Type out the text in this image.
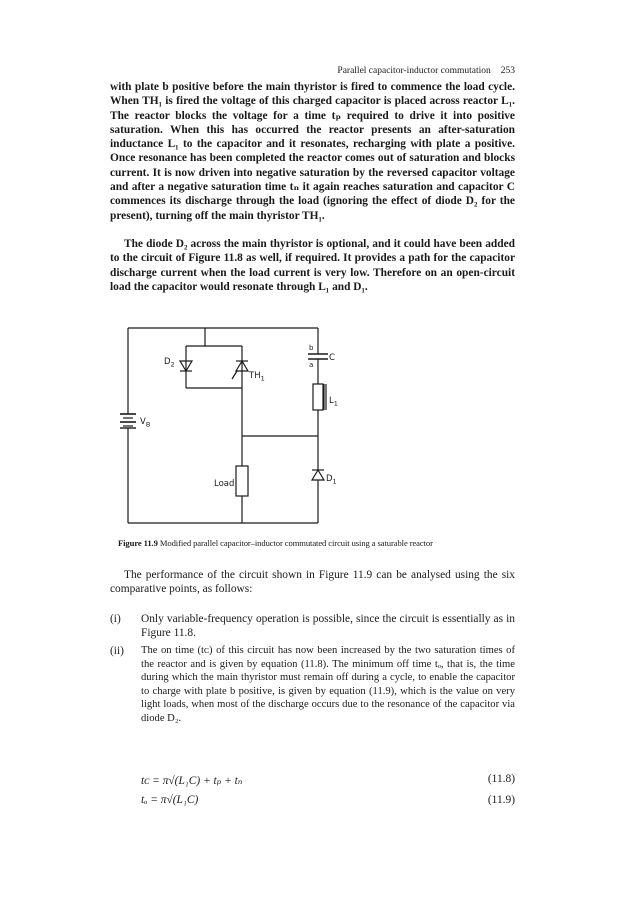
Parallel capacitor-inductor commutation 253

with plate b positive before the main thyristor is fired to commence the load cycle. When TH₁ is fired the voltage of this charged capacitor is placed across reactor L₁. The reactor blocks the voltage for a time tₚ required to drive it into positive saturation. When this has occurred the reactor presents an after-saturation inductance L₁ to the capacitor and it resonates, recharging with plate a positive. Once resonance has been completed the reactor comes out of saturation and blocks current. It is now driven into negative saturation by the reversed capacitor voltage and after a negative saturation time tₙ it again reaches saturation and capacitor C commences its discharge through the load (ignoring the effect of diode D₂ for the present), turning off the main thyristor TH₁.

The diode D₂ across the main thyristor is optional, and it could have been added to the circuit of Figure 11.8 as well, if required. It provides a path for the capacitor discharge current when the load current is very low. Therefore on an open-circuit load the capacitor would resonate through L₁ and D₁.

$V_B$
$D_2$
$TH_1$
b
a
C
$L_1$
Load	$D_1$
Figure 11.9 Modified parallel capacitor–inductor commutated circuit using a saturable reactor

The performance of the circuit shown in Figure 11.9 can be analysed using the six comparative points, as follows:

(i) Only variable-frequency operation is possible, since the circuit is essentially as in Figure 11.8.
(ii) The on time (tᴄ) of this circuit has now been increased by the two saturation times of the reactor and is given by equation (11.8). The minimum off time tₒ, that is, the time during which the main thyristor must remain off during a cycle, to enable the capacitor to charge with plate b positive, is given by equation (11.9), which is the value on very light loads, when most of the discharge occurs due to the resonance of the capacitor via diode D₂.
tᴄ = π√(L₁C) + tₚ + tₙ	(11.8)
tₒ = π√(L₁C)	(11.9)
